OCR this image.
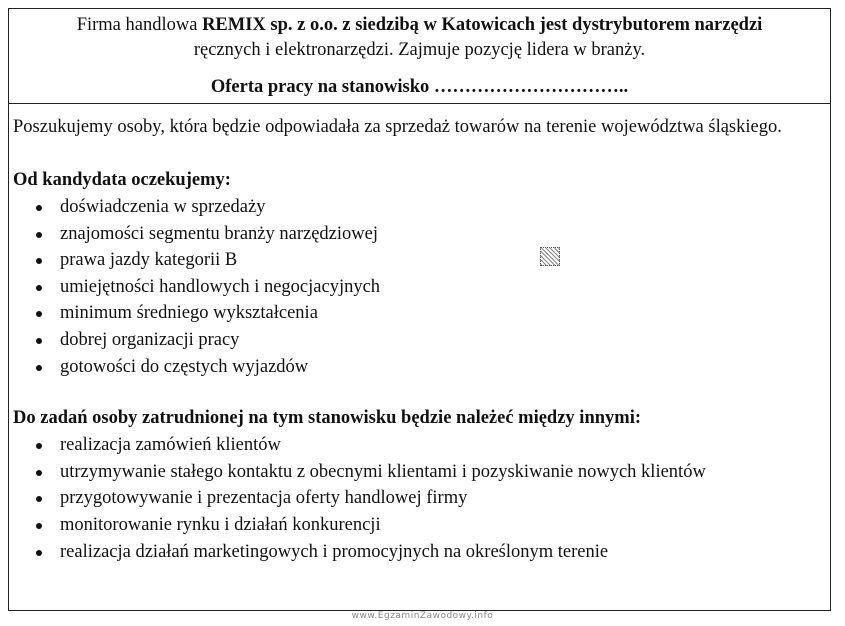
Firma handlowa REMIX sp. z o.o. z siedzibą w Katowicach jest dystrybutorem narzędzi ręcznych i elektronarzędzi. Zajmuje pozycję lidera w branży.
Oferta pracy na stanowisko …………………………..

Poszukujemy osoby, która będzie odpowiadała za sprzedaż towarów na terenie województwa śląskiego.

Od kandydata oczekujemy:

doświadczenia w sprzedaży
znajomości segmentu branży narzędziowej
prawa jazdy kategorii B
umiejętności handlowych i negocjacyjnych
minimum średniego wykształcenia
dobrej organizacji pracy
gotowości do częstych wyjazdów

Do zadań osoby zatrudnionej na tym stanowisku będzie należeć między innymi:

realizacja zamówień klientów
utrzymywanie stałego kontaktu z obecnymi klientami i pozyskiwanie nowych klientów
przygotowywanie i prezentacja oferty handlowej firmy
monitorowanie rynku i działań konkurencji
realizacja działań marketingowych i promocyjnych na określonym terenie
www.EgzaminZawodowy.info
